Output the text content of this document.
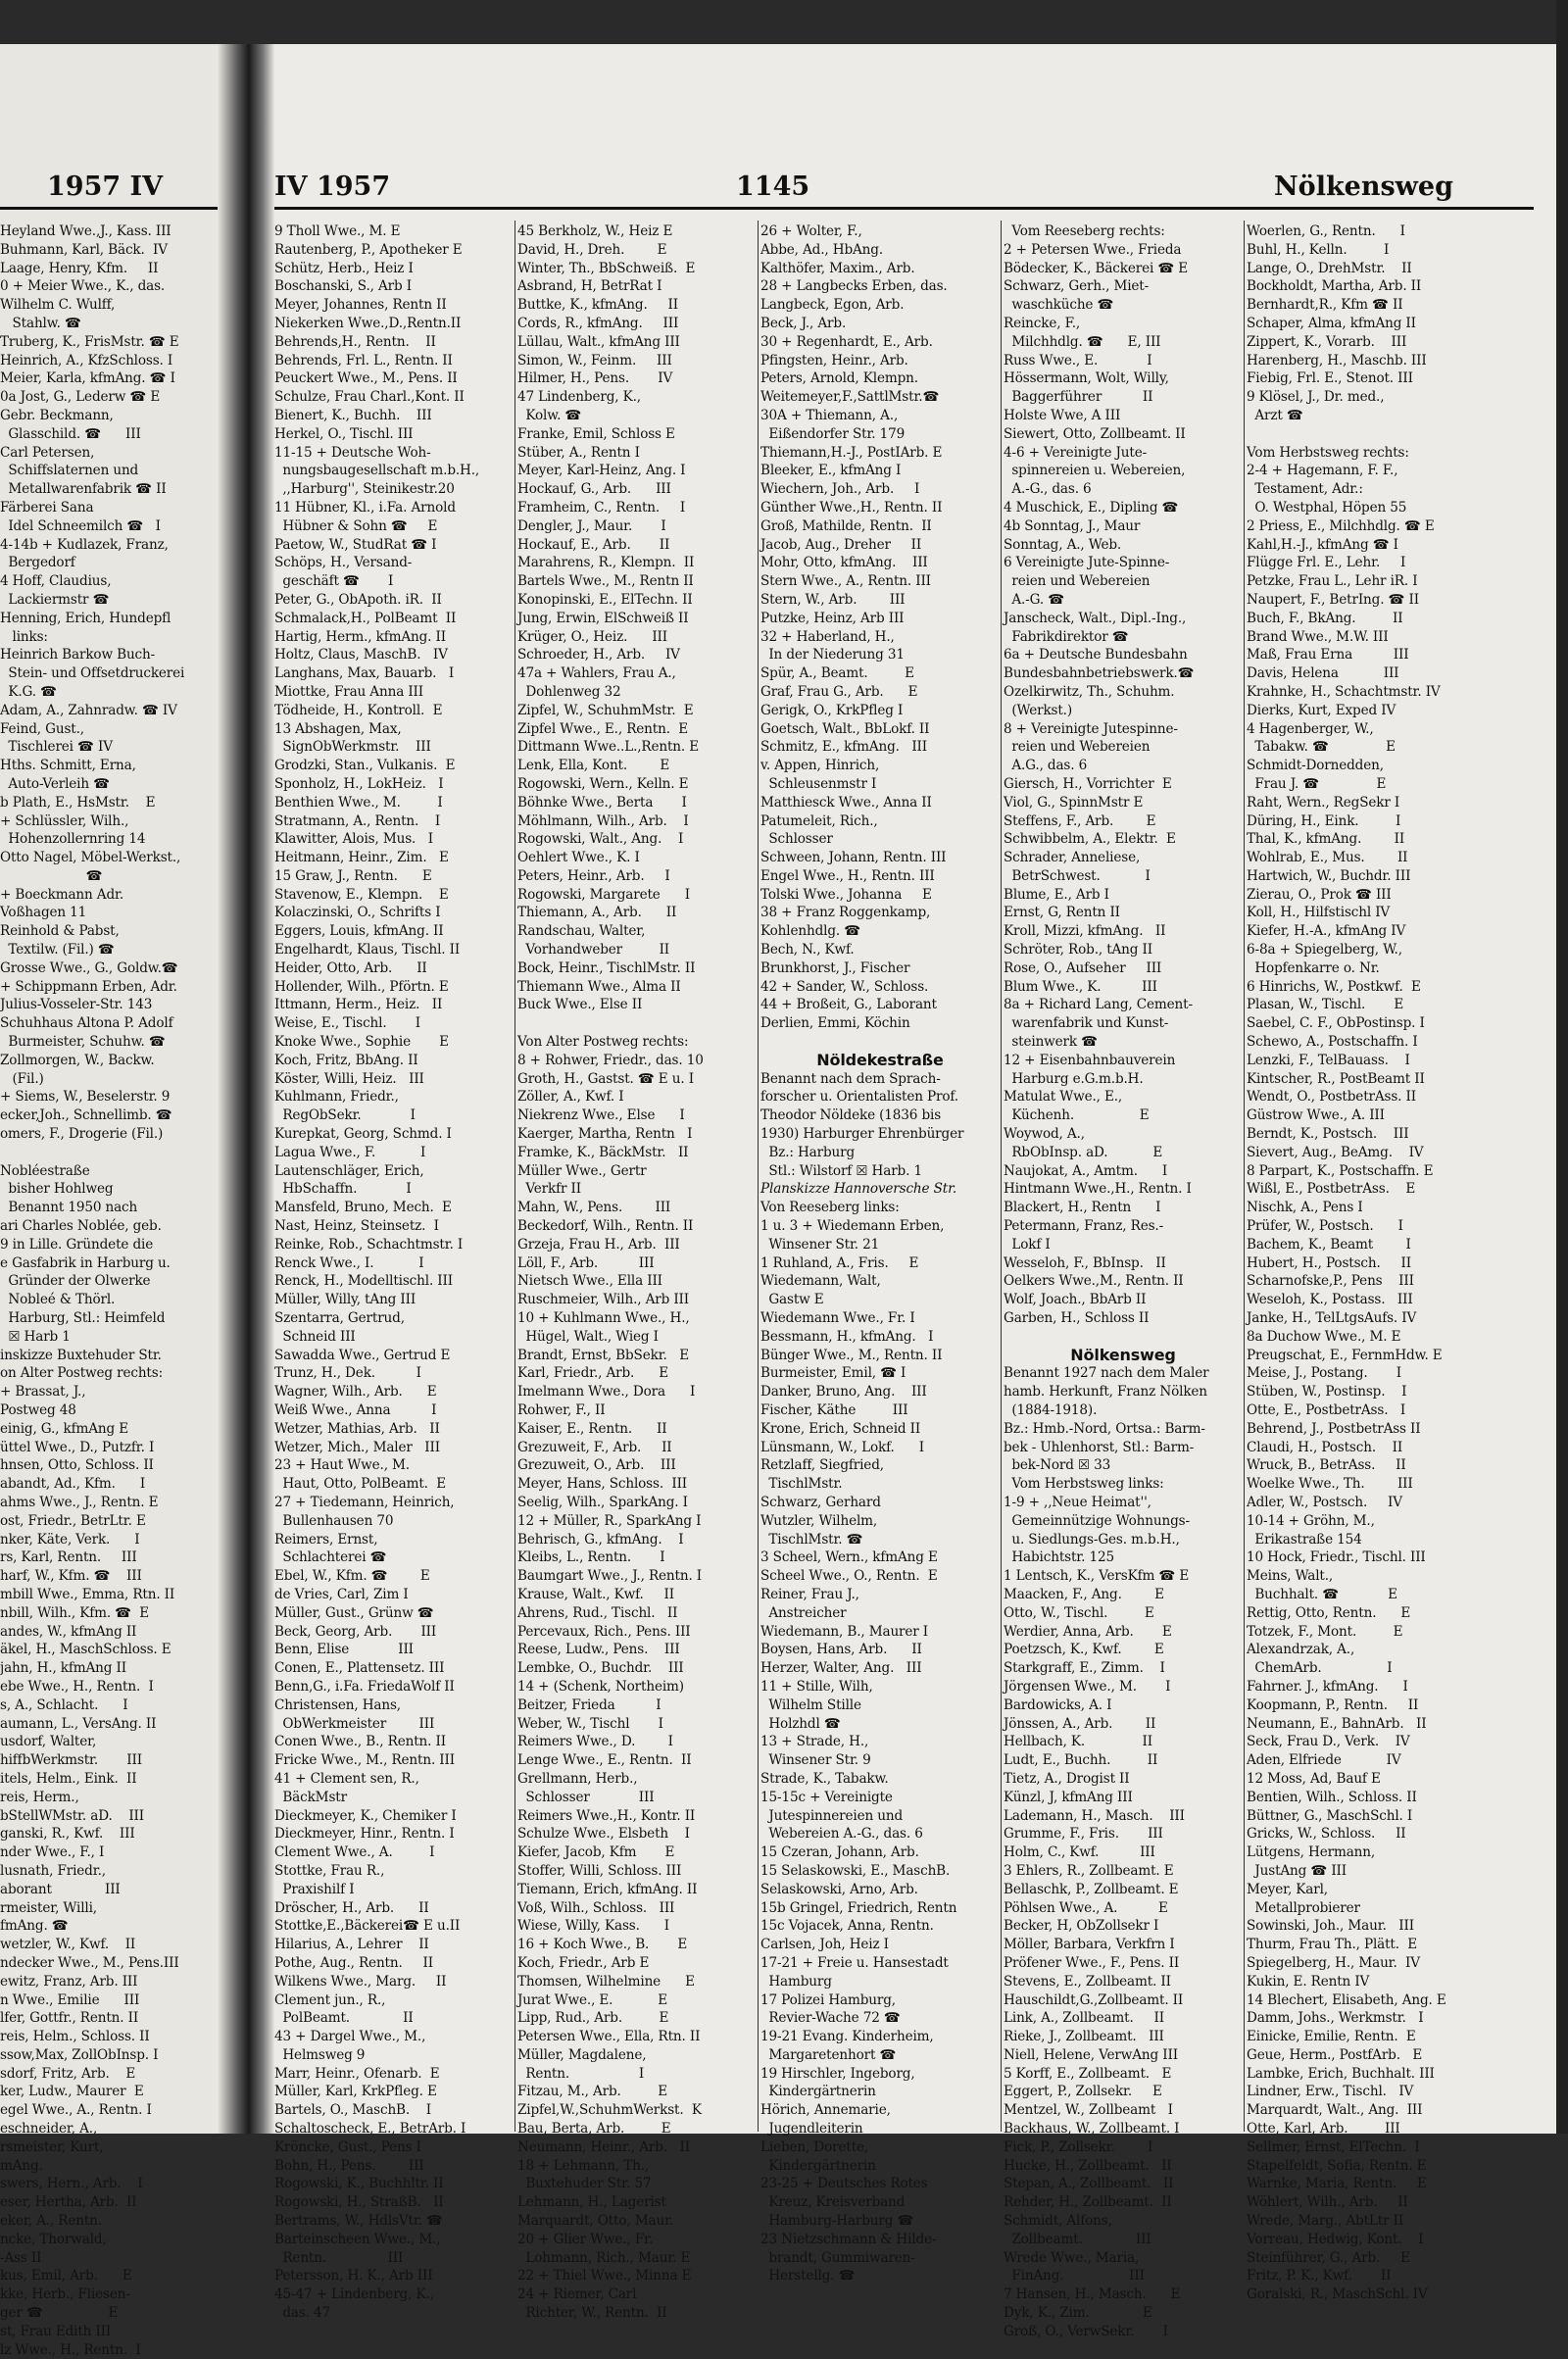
1957 IV
Heyland Wwe.,J., Kass. III
Buhmann, Karl, Bäck.  IV
Laage, Henry, Kfm.     II
0 + Meier Wwe., K., das.
Wilhelm C. Wulff,
Stahlw. ☎
Truberg, K., FrisMstr. ☎ E
Heinrich, A., KfzSchloss. I
Meier, Karla, kfmAng. ☎ I
0a Jost, G., Lederw ☎ E
Gebr. Beckmann,
Glasschild. ☎      III
Carl Petersen,
Schiffslaternen und
Metallwarenfabrik ☎ II
Färberei Sana
Idel Schneemilch ☎   I
4-14b + Kudlazek, Franz,
Bergedorf
4 Hoff, Claudius,
Lackiermstr ☎
Henning, Erich, Hundepfl
links:
Heinrich Barkow Buch-
Stein- und Offsetdruckerei
K.G. ☎
Adam, A., Zahnradw. ☎ IV
Feind, Gust.,
Tischlerei ☎ IV
Hths. Schmitt, Erna,
Auto-Verleih ☎
b Plath, E., HsMstr.    E
+ Schlüssler, Wilh.,
Hohenzollernring 14
Otto Nagel, Möbel-Werkst.,
☎
+ Boeckmann Adr.
Voßhagen 11
Reinhold & Pabst,
Textilw. (Fil.) ☎
Grosse Wwe., G., Goldw.☎
+ Schippmann Erben, Adr.
Julius-Vosseler-Str. 143
Schuhhaus Altona P. Adolf
Burmeister, Schuhw. ☎
Zollmorgen, W., Backw.
(Fil.)
+ Siems, W., Beselerstr. 9
ecker,Joh., Schnellimb. ☎
omers, F., Drogerie (Fil.)
Nobléestraße
bisher Hohlweg
Benannt 1950 nach
ari Charles Noblée, geb.
9 in Lille. Gründete die
e Gasfabrik in Harburg u.
Gründer der Olwerke
Nobleé & Thörl.
Harburg, Stl.: Heimfeld
☒ Harb 1
inskizze Buxtehuder Str.
on Alter Postweg rechts:
+ Brassat, J.,
Postweg 48
einig, G., kfmAng E
üttel Wwe., D., Putzfr. I
hnsen, Otto, Schloss. II
abandt, Ad., Kfm.      I
ahms Wwe., J., Rentn. E
ost, Friedr., BetrLtr. E
nker, Käte, Verk.      I
rs, Karl, Rentn.     III
harf, W., Kfm. ☎    III
mbill Wwe., Emma, Rtn. II
nbill, Wilh., Kfm. ☎  E
andes, W., kfmAng II
äkel, H., MaschSchloss. E
jahn, H., kfmAng II
ebe Wwe., H., Rentn.  I
s, A., Schlacht.      I
aumann, L., VersAng. II
usdorf, Walter,
hiffbWerkmstr.       III
itels, Helm., Eink.  II
reis, Herm.,
bStellWMstr. aD.    III
ganski, R., Kwf.    III
nder Wwe., F., I
lusnath, Friedr.,
aborant             III
rmeister, Willi,
fmAng. ☎
wetzler, W., Kwf.    II
ndecker Wwe., M., Pens.III
ewitz, Franz, Arb. III
n Wwe., Emilie      III
lfer, Gottfr., Rentn. II
reis, Helm., Schloss. II
ssow,Max, ZollObInsp. I
sdorf, Fritz, Arb.    E
ker, Ludw., Maurer  E
egel Wwe., A., Rentn. I
eschneider, A.,
rsmeister, Kurt,
mAng.
swers, Hern., Arb.    I
eser, Hertha, Arb.  II
eker, A., Rentn.
ncke, Thorwald,
-Ass II
kus, Emil, Arb.      E
kke, Herb., Fliesen-
ger ☎                E
st, Frau Edith III
lz Wwe., H., Rentn.  I
IV 1957	1145	Nölkensweg
9 Tholl Wwe., M. E
Rautenberg, P., Apotheker E
Schütz, Herb., Heiz I
Boschanski, S., Arb I
Meyer, Johannes, Rentn II
Niekerken Wwe.,D.,Rentn.II
Behrends,H., Rentn.    II
Behrends, Frl. L., Rentn. II
Peuckert Wwe., M., Pens. II
Schulze, Frau Charl.,Kont. II
Bienert, K., Buchh.    III
Herkel, O., Tischl. III
11-15 + Deutsche Woh-
nungsbaugesellschaft m.b.H.,
,,Harburg'', Steinikestr.20
11 Hübner, Kl., i.Fa. Arnold
Hübner & Sohn ☎     E
Paetow, W., StudRat ☎ I
Schöps, H., Versand-
geschäft ☎       I
Peter, G., ObApoth. iR.  II
Schmalack,H., PolBeamt  II
Hartig, Herm., kfmAng. II
Holtz, Claus, MaschB.   IV
Langhans, Max, Bauarb.   I
Miottke, Frau Anna III
Tödheide, H., Kontroll.  E
13 Abshagen, Max,
SignObWerkmstr.    III
Grodzki, Stan., Vulkanis.  E
Sponholz, H., LokHeiz.   I
Benthien Wwe., M.         I
Stratmann, A., Rentn.    I
Klawitter, Alois, Mus.   I
Heitmann, Heinr., Zim.   E
15 Graw, J., Rentn.      E
Stavenow, E., Klempn.    E
Kolaczinski, O., Schrifts I
Eggers, Louis, kfmAng. II
Engelhardt, Klaus, Tischl. II
Heider, Otto, Arb.      II
Hollender, Wilh., Pförtn. E
Ittmann, Herm., Heiz.   II
Weise, E., Tischl.       I
Knoke Wwe., Sophie       E
Koch, Fritz, BbAng. II
Köster, Willi, Heiz.   III
Kuhlmann, Friedr.,
RegObSekr.            I
Kurepkat, Georg, Schmd. I
Lagua Wwe., F.           I
Lautenschläger, Erich,
HbSchaffn.            I
Mansfeld, Bruno, Mech.  E
Nast, Heinz, Steinsetz.  I
Reinke, Rob., Schachtmstr. I
Renck Wwe., I.           I
Renck, H., Modelltischl. III
Müller, Willy, tAng III
Szentarra, Gertrud,
Schneid III
Sawadda Wwe., Gertrud E
Trunz, H., Dek.          I
Wagner, Wilh., Arb.      E
Weiß Wwe., Anna          I
Wetzer, Mathias, Arb.   II
Wetzer, Mich., Maler   III
23 + Haut Wwe., M.
Haut, Otto, PolBeamt.  E
27 + Tiedemann, Heinrich,
Bullenhausen 70
Reimers, Ernst,
Schlachterei ☎
Ebel, W., Kfm. ☎        E
de Vries, Carl, Zim I
Müller, Gust., Grünw ☎
Beck, Georg, Arb.       III
Benn, Elise            III
Conen, E., Plattensetz. III
Benn,G., i.Fa. FriedaWolf II
Christensen, Hans,
ObWerkmeister        III
Conen Wwe., B., Rentn. II
Fricke Wwe., M., Rentn. III
41 + Clement sen, R.,
BäckMstr
Dieckmeyer, K., Chemiker I
Dieckmeyer, Hinr., Rentn. I
Clement Wwe., A.         I
Stottke, Frau R.,
Praxishilf I
Dröscher, H., Arb.      II
Stottke,E.,Bäckerei☎ E u.II
Hilarius, A., Lehrer    II
Pothe, Aug., Rentn.     II
Wilkens Wwe., Marg.     II
Clement jun., R.,
PolBeamt.             II
43 + Dargel Wwe., M.,
Helmsweg 9
Marr, Heinr., Ofenarb.  E
Müller, Karl, KrkPfleg. E
Bartels, O., MaschB.    I
Schaltoscheck, E., BetrArb. I
Kröncke, Gust., Pens I
Bohn, H., Pens.        III
Rogowski, K., Buchhltr. II
Rogowski, H., StraßB.   II
Bertrams, W., HdlsVtr. ☎
Barteinscheen Wwe., M.,
Rentn.               III
Petersson, H. K., Arb III
45-47 + Lindenberg, K.,
das. 47
45 Berkholz, W., Heiz E
David, H., Dreh.        E
Winter, Th., BbSchweiß.  E
Asbrand, H, BetrRat I
Buttke, K., kfmAng.     II
Cords, R., kfmAng.     III
Lüllau, Walt., kfmAng III
Simon, W., Feinm.     III
Hilmer, H., Pens.       IV
47 Lindenberg, K.,
Kolw. ☎
Franke, Emil, Schloss E
Stüber, A., Rentn I
Meyer, Karl-Heinz, Ang. I
Hockauf, G., Arb.      III
Framheim, C., Rentn.     I
Dengler, J., Maur.       I
Hockauf, E., Arb.       II
Marahrens, R., Klempn.  II
Bartels Wwe., M., Rentn II
Konopinski, E., ElTechn. II
Jung, Erwin, ElSchweiß II
Krüger, O., Heiz.      III
Schroeder, H., Arb.     IV
47a + Wahlers, Frau A.,
Dohlenweg 32
Zipfel, W., SchuhmMstr.  E
Zipfel Wwe., E., Rentn.  E
Dittmann Wwe..L.,Rentn. E
Lenk, Ella, Kont.        E
Rogowski, Wern., Kelln. E
Böhnke Wwe., Berta       I
Möhlmann, Wilh., Arb.    I
Rogowski, Walt., Ang.    I
Oehlert Wwe., K. I
Peters, Heinr., Arb.     I
Rogowski, Margarete      I
Thiemann, A., Arb.      II
Randschau, Walter,
Vorhandweber         II
Bock, Heinr., TischlMstr. II
Thiemann Wwe., Alma II
Buck Wwe., Else II
Von Alter Postweg rechts:
8 + Rohwer, Friedr., das. 10
Groth, H., Gastst. ☎ E u. I
Zöller, A., Kwf. I
Niekrenz Wwe., Else      I
Kaerger, Martha, Rentn   I
Framke, K., BäckMstr.   II
Müller Wwe., Gertr
Verkfr II
Mahn, W., Pens.        III
Beckedorf, Wilh., Rentn. II
Grzeja, Frau H., Arb.  III
Löll, F., Arb.          III
Nietsch Wwe., Ella III
Ruschmeier, Wilh., Arb III
10 + Kuhlmann Wwe., H.,
Hügel, Walt., Wieg I
Brandt, Ernst, BbSekr.   E
Karl, Friedr., Arb.      E
Imelmann Wwe., Dora      I
Rohwer, F., II
Kaiser, E., Rentn.      II
Grezuweit, F., Arb.     II
Grezuweit, O., Arb.    III
Meyer, Hans, Schloss.  III
Seelig, Wilh., SparkAng. I
12 + Müller, R., SparkAng I
Behrisch, G., kfmAng.    I
Kleibs, L., Rentn.       I
Baumgart Wwe., J., Rentn. I
Krause, Walt., Kwf.     II
Ahrens, Rud., Tischl.   II
Percevaux, Rich., Pens. III
Reese, Ludw., Pens.    III
Lembke, O., Buchdr.    III
14 + (Schenk, Northeim)
Beitzer, Frieda          I
Weber, W., Tischl       I
Reimers Wwe., D.        I
Lenge Wwe., E., Rentn.  II
Grellmann, Herb.,
Schlosser            III
Reimers Wwe.,H., Kontr. II
Schulze Wwe., Elsbeth    I
Kiefer, Jacob, Kfm       E
Stoffer, Willi, Schloss. III
Tiemann, Erich, kfmAng. II
Voß, Wilh., Schloss.   III
Wiese, Willy, Kass.      I
16 + Koch Wwe., B.       E
Koch, Friedr., Arb E
Thomsen, Wilhelmine      E
Jurat Wwe., E.           E
Lipp, Rud., Arb.         E
Petersen Wwe., Ella, Rtn. II
Müller, Magdalene,
Rentn.                 I
Fitzau, M., Arb.         E
Zipfel,W.,SchuhmWerkst.  K
Bau, Berta, Arb.         E
Neumann, Heinr., Arb.   II
18 + Lehmann, Th.,
Buxtehuder Str. 57
Lehmann, H., Lagerist
Marquardt, Otto, Maur.
20 + Glier Wwe., Fr.
Lohmann, Rich., Maur. E
22 + Thiel Wwe., Minna E
24 + Riemer, Carl
Richter, W., Rentn.  II
26 + Wolter, F.,
Abbe, Ad., HbAng.
Kalthöfer, Maxim., Arb.
28 + Langbecks Erben, das.
Langbeck, Egon, Arb.
Beck, J., Arb.
30 + Regenhardt, E., Arb.
Pfingsten, Heinr., Arb.
Peters, Arnold, Klempn.
Weitemeyer,F.,SattlMstr.☎
30A + Thiemann, A.,
Eißendorfer Str. 179
Thiemann,H.-J., PostIArb. E
Bleeker, E., kfmAng I
Wiechern, Joh., Arb.     I
Günther Wwe.,H., Rentn. II
Groß, Mathilde, Rentn.  II
Jacob, Aug., Dreher     II
Mohr, Otto, kfmAng.    III
Stern Wwe., A., Rentn. III
Stern, W., Arb.        III
Putzke, Heinz, Arb III
32 + Haberland, H.,
In der Niederung 31
Spür, A., Beamt.         E
Graf, Frau G., Arb.      E
Gerigk, O., KrkPfleg I
Goetsch, Walt., BbLokf. II
Schmitz, E., kfmAng.   III
v. Appen, Hinrich,
Schleusenmstr I
Matthiesck Wwe., Anna II
Patumeleit, Rich.,
Schlosser
Schween, Johann, Rentn. III
Engel Wwe., H., Rentn. III
Tolski Wwe., Johanna     E
38 + Franz Roggenkamp,
Kohlenhdlg. ☎
Bech, N., Kwf.
Brunkhorst, J., Fischer
42 + Sander, W., Schloss.
44 + Broßeit, G., Laborant
Derlien, Emmi, Köchin
Nöldekestraße
Benannt nach dem Sprach-
forscher u. Orientalisten Prof.
Theodor Nöldeke (1836 bis
1930) Harburger Ehrenbürger
Bz.: Harburg
Stl.: Wilstorf ☒ Harb. 1
Planskizze Hannoversche Str.
Von Reeseberg links:
1 u. 3 + Wiedemann Erben,
Winsener Str. 21
1 Ruhland, A., Fris.     E
Wiedemann, Walt,
Gastw E
Wiedemann Wwe., Fr. I
Bessmann, H., kfmAng.   I
Bünger Wwe., M., Rentn. II
Burmeister, Emil, ☎ I
Danker, Bruno, Ang.    III
Fischer, Käthe         III
Krone, Erich, Schneid II
Lünsmann, W., Lokf.      I
Retzlaff, Siegfried,
TischlMstr.
Schwarz, Gerhard
Wutzler, Wilhelm,
TischlMstr. ☎
3 Scheel, Wern., kfmAng E
Scheel Wwe., O., Rentn.  E
Reiner, Frau J.,
Anstreicher
Wiedemann, B., Maurer I
Boysen, Hans, Arb.      II
Herzer, Walter, Ang.   III
11 + Stille, Wilh,
Wilhelm Stille
Holzhdl ☎
13 + Strade, H.,
Winsener Str. 9
Strade, K., Tabakw.
15-15c + Vereinigte
Jutespinnereien und
Webereien A.-G., das. 6
15 Czeran, Johann, Arb.
15 Selaskowski, E., MaschB.
Selaskowski, Arno, Arb.
15b Gringel, Friedrich, Rentn
15c Vojacek, Anna, Rentn.
Carlsen, Joh, Heiz I
17-21 + Freie u. Hansestadt
Hamburg
17 Polizei Hamburg,
Revier-Wache 72 ☎
19-21 Evang. Kinderheim,
Margaretenhort ☎
19 Hirschler, Ingeborg,
Kindergärtnerin
Hörich, Annemarie,
Jugendleiterin
Lieben, Dorette,
Kindergärtnerin
23-25 + Deutsches Rotes
Kreuz, Kreisverband
Hamburg-Harburg ☎
23 Nietzschmann & Hilde-
brandt, Gummiwaren-
Herstellg. ☎
Vom Reeseberg rechts:
2 + Petersen Wwe., Frieda
Bödecker, K., Bäckerei ☎ E
Schwarz, Gerh., Miet-
waschküche ☎
Reincke, F.,
Milchhdlg. ☎      E, III
Russ Wwe., E.            I
Hössermann, Wolt, Willy,
Baggerführer          II
Holste Wwe, A III
Siewert, Otto, Zollbeamt. II
4-6 + Vereinigte Jute-
spinnereien u. Webereien,
A.-G., das. 6
4 Muschick, E., Dipling ☎
4b Sonntag, J., Maur
Sonntag, A., Web.
6 Vereinigte Jute-Spinne-
reien und Webereien
A.-G. ☎
Janscheck, Walt., Dipl.-Ing.,
Fabrikdirektor ☎
6a + Deutsche Bundesbahn
Bundesbahnbetriebswerk.☎
Ozelkirwitz, Th., Schuhm.
(Werkst.)
8 + Vereinigte Jutespinne-
reien und Webereien
A.G., das. 6
Giersch, H., Vorrichter  E
Viol, G., SpinnMstr E
Steffens, F., Arb.        E
Schwibbelm, A., Elektr.  E
Schrader, Anneliese,
BetrSchwest.           I
Blume, E., Arb I
Ernst, G, Rentn II
Kroll, Mizzi, kfmAng.   II
Schröter, Rob., tAng II
Rose, O., Aufseher     III
Blum Wwe., K.          III
8a + Richard Lang, Cement-
warenfabrik und Kunst-
steinwerk ☎
12 + Eisenbahnbauverein
Harburg e.G.m.b.H.
Matulat Wwe., E.,
Küchenh.                E
Woywod, A.,
RbObInsp. aD.           E
Naujokat, A., Amtm.      I
Hintmann Wwe.,H., Rentn. I
Blackert, H., Rentn      I
Petermann, Franz, Res.-
Lokf I
Wesseloh, F., BbInsp.   II
Oelkers Wwe.,M., Rentn. II
Wolf, Joach., BbArb II
Garben, H., Schloss II
Nölkensweg
Benannt 1927 nach dem Maler
hamb. Herkunft, Franz Nölken
(1884-1918).
Bz.: Hmb.-Nord, Ortsa.: Barm-
bek - Uhlenhorst, Stl.: Barm-
bek-Nord ☒ 33
Vom Herbstsweg links:
1-9 + ,,Neue Heimat'',
Gemeinnützige Wohnungs-
u. Siedlungs-Ges. m.b.H.,
Habichtstr. 125
1 Lentsch, K., VersKfm ☎ E
Maacken, F., Ang.        E
Otto, W., Tischl.         E
Werdier, Anna, Arb.       E
Poetzsch, K., Kwf.        E
Starkgraff, E., Zimm.    I
Jörgensen Wwe., M.       I
Bardowicks, A. I
Jönssen, A., Arb.        II
Hellbach, K.              II
Ludt, E., Buchh.         II
Tietz, A., Drogist II
Künzl, J, kfmAng III
Lademann, H., Masch.    III
Grumme, F., Fris.       III
Holm, C., Kwf.          III
3 Ehlers, R., Zollbeamt. E
Bellaschk, P., Zollbeamt. E
Pöhlsen Wwe., A.          E
Becker, H, ObZollsekr I
Möller, Barbara, Verkfrn I
Pröfener Wwe., F., Pens. II
Stevens, E., Zollbeamt. II
Hauschildt,G.,Zollbeamt. II
Link, A., Zollbeamt.     II
Rieke, J., Zollbeamt.   III
Niell, Helene, VerwAng III
5 Korff, E., Zollbeamt.   E
Eggert, P., Zollsekr.     E
Mentzel, W., Zollbeamt   I
Backhaus, W., Zollbeamt. I
Fick, P., Zollsekr.        I
Hucke, H., Zollbeamt.   II
Stepan, A., Zollbeamt.   II
Rehder, H., Zollbeamt.  II
Schmidt, Alfons,
Zollbeamt.             III
Wrede Wwe., Maria,
FinAng.                III
7 Hansen, H., Masch.      E
Dyk, K., Zim.             E
Groß, O., VerwSekr.       I
Woerlen, G., Rentn.      I
Buhl, H., Kelln.         I
Lange, O., DrehMstr.    II
Bockholdt, Martha, Arb. II
Bernhardt,R., Kfm ☎ II
Schaper, Alma, kfmAng II
Zippert, K., Vorarb.    III
Harenberg, H., Maschb. III
Fiebig, Frl. E., Stenot. III
9 Klösel, J., Dr. med.,
Arzt ☎
Vom Herbstsweg rechts:
2-4 + Hagemann, F. F.,
Testament, Adr.:
O. Westphal, Höpen 55
2 Priess, E., Milchhdlg. ☎ E
Kahl,H.-J., kfmAng ☎ I
Flügge Frl. E., Lehr.     I
Petzke, Frau L., Lehr iR. I
Naupert, F., BetrIng. ☎ II
Buch, F., BkAng.         II
Brand Wwe., M.W. III
Maß, Frau Erna          III
Davis, Helena           III
Krahnke, H., Schachtmstr. IV
Dierks, Kurt, Exped IV
4 Hagenberger, W.,
Tabakw. ☎              E
Schmidt-Dornedden,
Frau J. ☎              E
Raht, Wern., RegSekr I
Düring, H., Eink.         I
Thal, K., kfmAng.        II
Wohlrab, E., Mus.        II
Hartwich, W., Buchdr. III
Zierau, O., Prok ☎ III
Koll, H., Hilfstischl IV
Kiefer, H.-A., kfmAng IV
6-8a + Spiegelberg, W.,
Hopfenkarre o. Nr.
6 Hinrichs, W., Postkwf.  E
Plasan, W., Tischl.       E
Saebel, C. F., ObPostinsp. I
Schewo, A., Postschaffn. I
Lenzki, F., TelBauass.    I
Kintscher, R., PostBeamt II
Wendt, O., PostbetrAss. II
Güstrow Wwe., A. III
Berndt, K., Postsch.    III
Sievert, Aug., BeAmg.    IV
8 Parpart, K., Postschaffn. E
Wißl, E., PostbetrAss.    E
Nischk, A., Pens I
Prüfer, W., Postsch.      I
Bachem, K., Beamt        I
Hubert, H., Postsch.     II
Scharnofske,P., Pens    III
Weseloh, K., Postass.   III
Janke, H., TelLtgsAufs. IV
8a Duchow Wwe., M. E
Preugschat, E., FernmHdw. E
Meise, J., Postang.       I
Stüben, W., Postinsp.    I
Otte, E., PostbetrAss.   I
Behrend, J., PostbetrAss II
Claudi, H., Postsch.    II
Wruck, B., BetrAss.     II
Woelke Wwe., Th.        III
Adler, W., Postsch.     IV
10-14 + Gröhn, M.,
Erikastraße 154
10 Hock, Friedr., Tischl. III
Meins, Walt.,
Buchhalt. ☎            E
Rettig, Otto, Rentn.      E
Totzek, F., Mont.         E
Alexandrzak, A.,
ChemArb.                I
Fahrner. J., kfmAng.      I
Koopmann, P., Rentn.     II
Neumann, E., BahnArb.   II
Seck, Frau D., Verk.    IV
Aden, Elfriede           IV
12 Moss, Ad, Bauf E
Bentien, Wilh., Schloss. II
Büttner, G., MaschSchl. I
Gricks, W., Schloss.     II
Lütgens, Hermann,
JustAng ☎ III
Meyer, Karl,
Metallprobierer
Sowinski, Joh., Maur.   III
Thurm, Frau Th., Plätt.  E
Spiegelberg, H., Maur.  IV
Kukin, E. Rentn IV
14 Blechert, Elisabeth, Ang. E
Damm, Johs., Werkmstr.   I
Einicke, Emilie, Rentn.  E
Geue, Herm., PostfArb.   E
Lambke, Erich, Buchhalt. III
Lindner, Erw., Tischl.   IV
Marquardt, Walt., Ang.  III
Otte, Karl, Arb.         III
Sellmer, Ernst, ElTechn.  I
Stapelfeldt, Sofia, Rentn. E
Warnke, Maria, Rentn.     E
Wöhlert, Wilh., Arb.     II
Wrede, Marg., AbtLtr II
Vorreau, Hedwig, Kont.    I
Steinführer, G., Arb.     E
Fritz, P. K., Kwf.       II
Goralski, R., MaschSchl. IV
